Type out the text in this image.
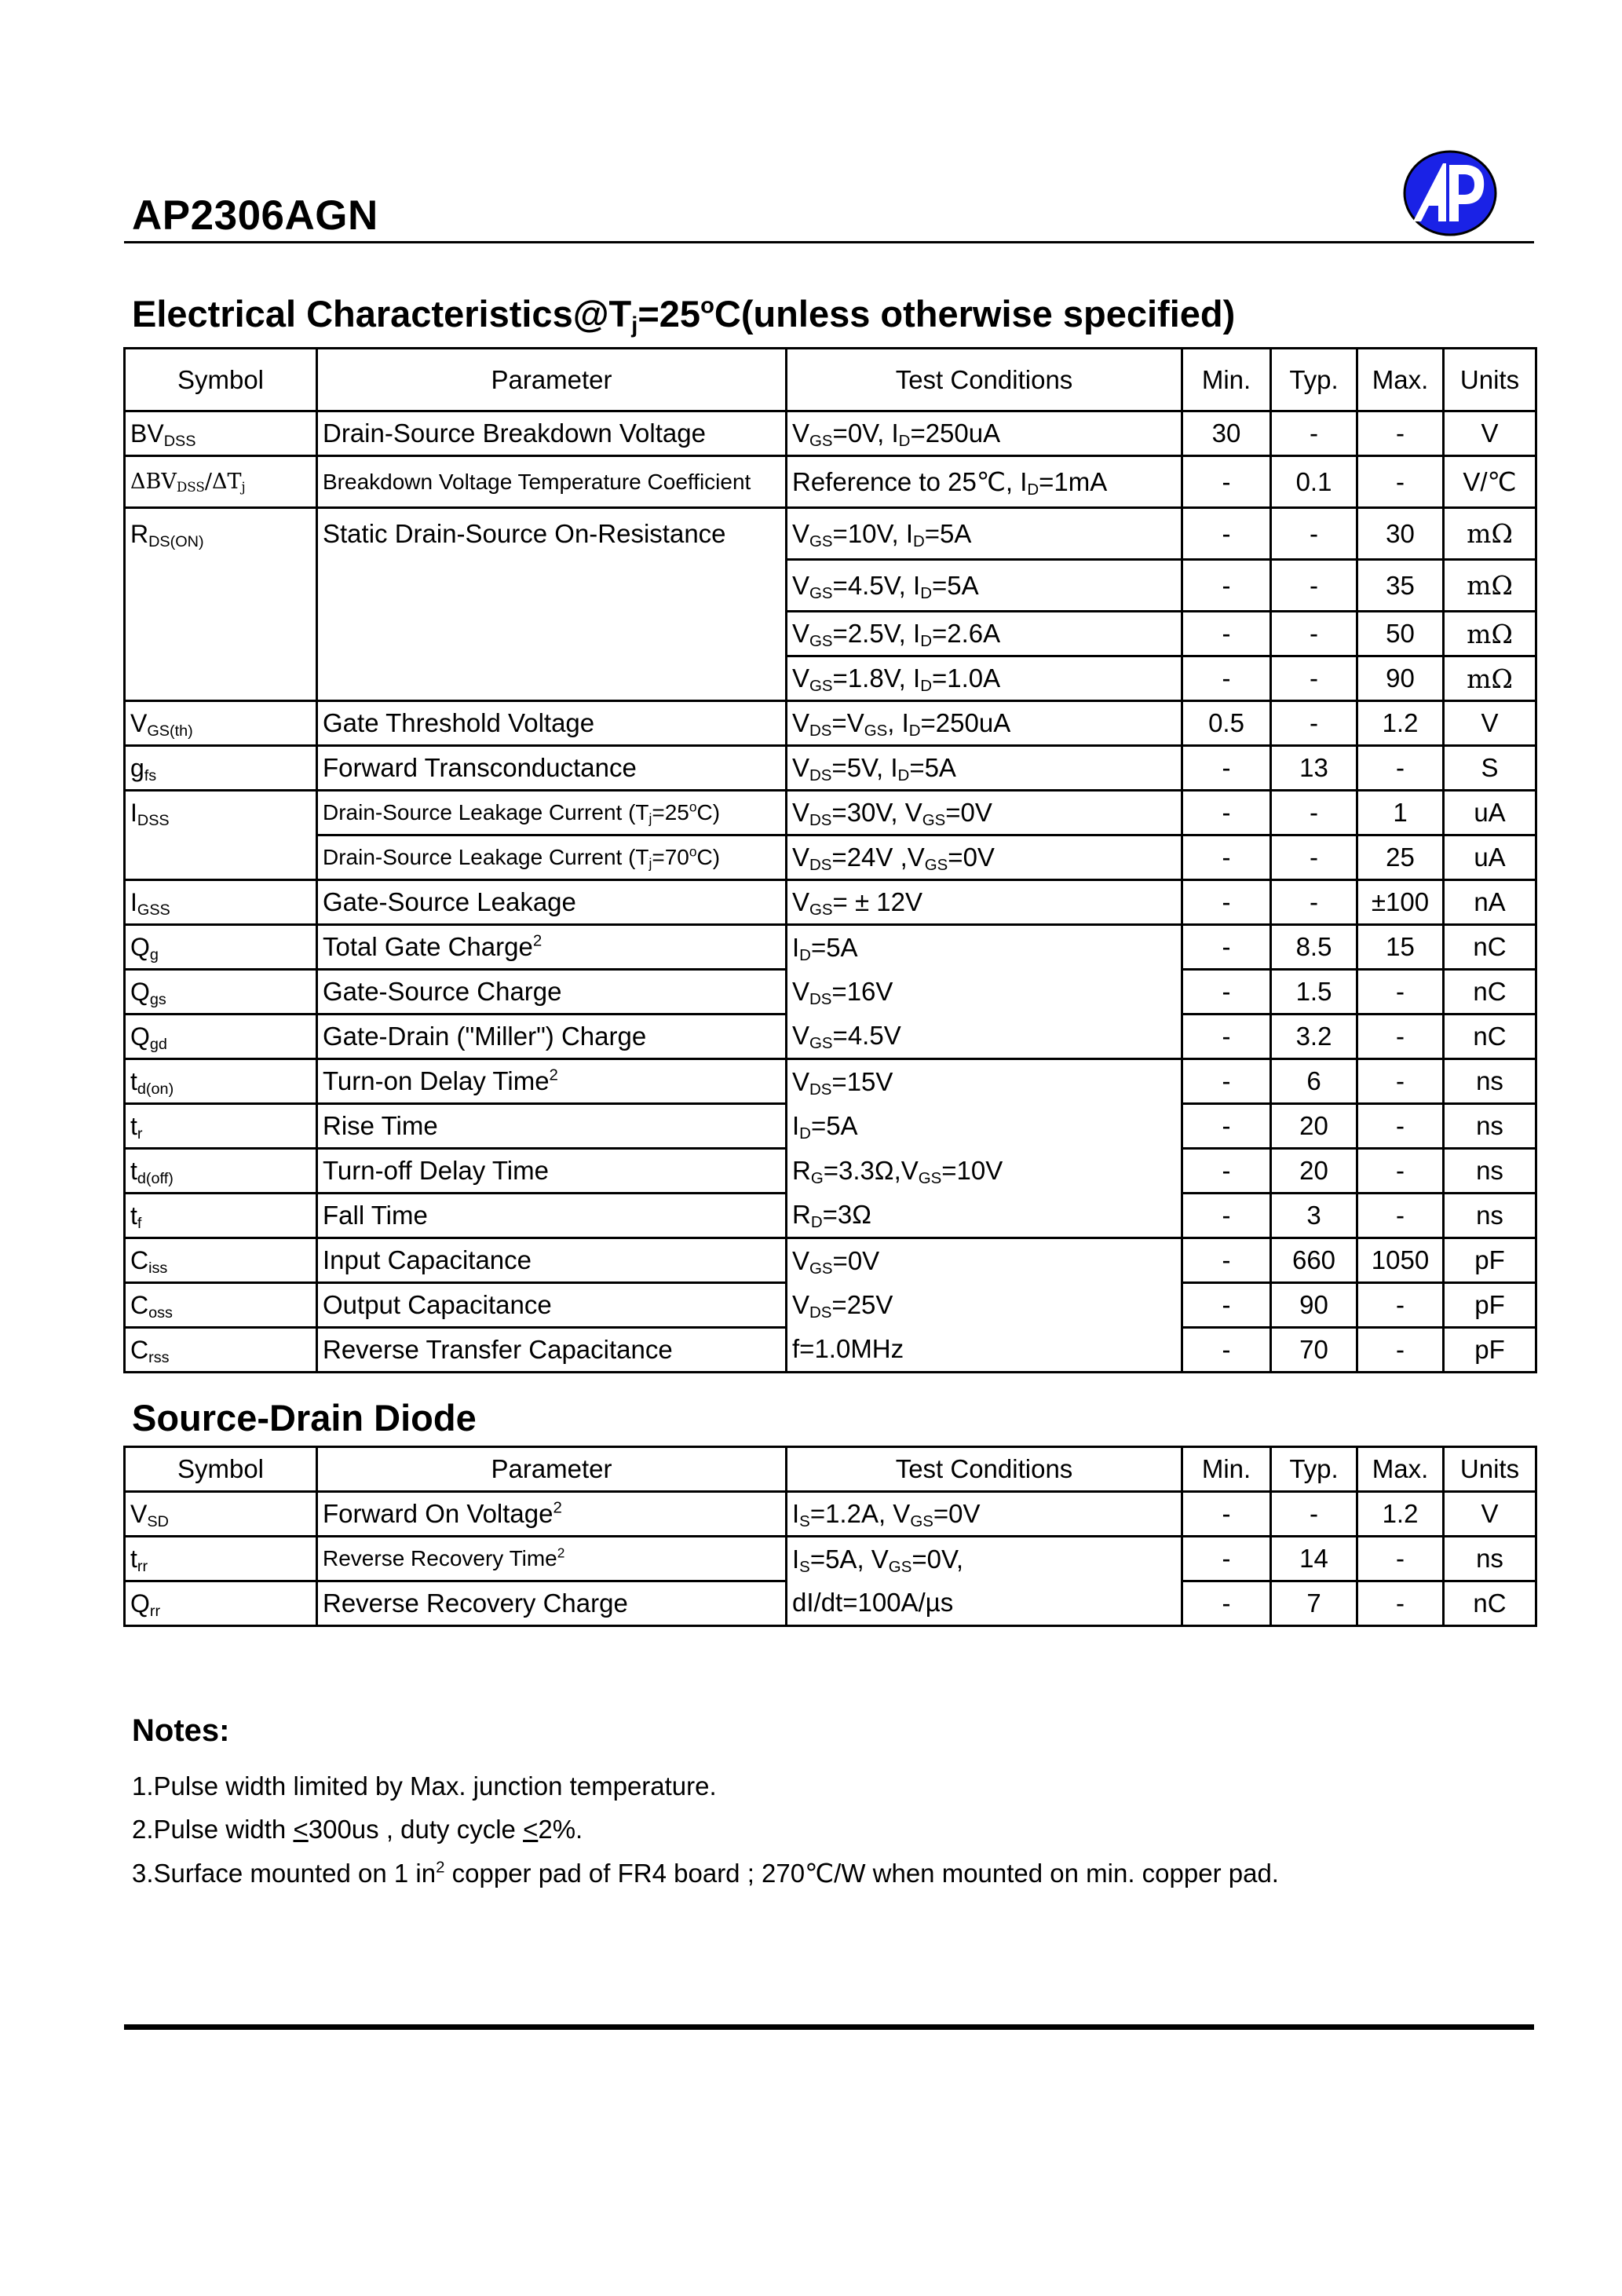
AP2306AGN
Electrical $Characteristics@T_j=25^oC(unless$ otherwise specified)
Symbol	Parameter	Test Conditions	Min.	Typ.	Max.	Units
$BV_{DSS}$	Drain-Source Breakdown Voltage	$V_{GS}=0V$, $I_D=250uA$	30	-	-	V
$\Delta BV_{DSS}/\Delta T_j$	Breakdown Voltage Temperature Coefficient	Reference to 25℃, $I_D=1mA$	-	0.1	-	V/℃
$R_{DS(ON)}$	Static Drain-Source On-Resistance	$V_{GS}=10V$, $I_D=5A$	-	-	30	mΩ
		$V_{GS}=4.5V$, $I_D=5A$	-	-	35	mΩ
		$V_{GS}=2.5V$, $I_D=2.6A$	-	-	50	mΩ
		$V_{GS}=1.8V$, $I_D=1.0A$	-	-	90	mΩ
$V_{GS(th)}$	Gate Threshold Voltage	$V_{DS}=V_{GS}$, $I_D=250uA$	0.5	-	1.2	V
$g_{fs}$	Forward Transconductance	$V_{DS}=5V$, $I_D=5A$	-	13	-	S
$I_{DSS}$	Drain-Source Leakage Current $(T_j=25^oC)$	$V_{DS}=30V$, $V_{GS}=0V$	-	-	1	uA
	Drain-Source Leakage Current $(T_j=70^oC)$	$V_{DS}=24V$ $,V_{GS}=0V$	-	-	25	uA
$I_{GSS}$	Gate-Source Leakage	$V_{GS}= \pm 12V$	-	-	±100	nA
$Q_g$	Total Gate Charge$^2$	$I_D=5A$	-	8.5	15	nC
$Q_{gs}$	Gate-Source Charge	$V_{DS}=16V$	-	1.5	-	nC
$Q_{gd}$	Gate-Drain ("Miller") Charge	$V_{GS}=4.5V$	-	3.2	-	nC
$t_{d(on)}$	Turn-on Delay Time$^2$	$V_{DS}=15V$	-	6	-	ns
$t_r$	Rise Time	$I_D=5A$	-	20	-	ns
$t_{d(off)}$	Turn-off Delay Time	$R_G=3.3\Omega,V_{GS}=10V$	-	20	-	ns
$t_f$	Fall Time	$R_D=3\Omega$	-	3	-	ns
$C_{iss}$	Input Capacitance	$V_{GS}=0V$	-	660	1050	pF
$C_{oss}$	Output Capacitance	$V_{DS}=25V$	-	90	-	pF
$C_{rss}$	Reverse Transfer Capacitance	f=1.0MHz	-	70	-	pF
Source-Drain Diode
Symbol	Parameter	Test Conditions	Min.	Typ.	Max.	Units
$V_{SD}$	Forward On Voltage$^2$	$I_S=1.2A$, $V_{GS}=0V$	-	-	1.2	V
$t_{rr}$	Reverse Recovery Time$^2$	$I_S=5A$, $V_{GS}=0V$,	-	14	-	ns
$Q_{rr}$	Reverse Recovery Charge	dI/dt=100A/µs	-	7	-	nC
Notes:
1.Pulse width limited by Max. junction temperature.
2.Pulse width <300us , duty cycle <2%.
3.Surface mounted on 1 $in^2$ copper pad of FR4 board ; 270℃/W when mounted on min. copper pad.
